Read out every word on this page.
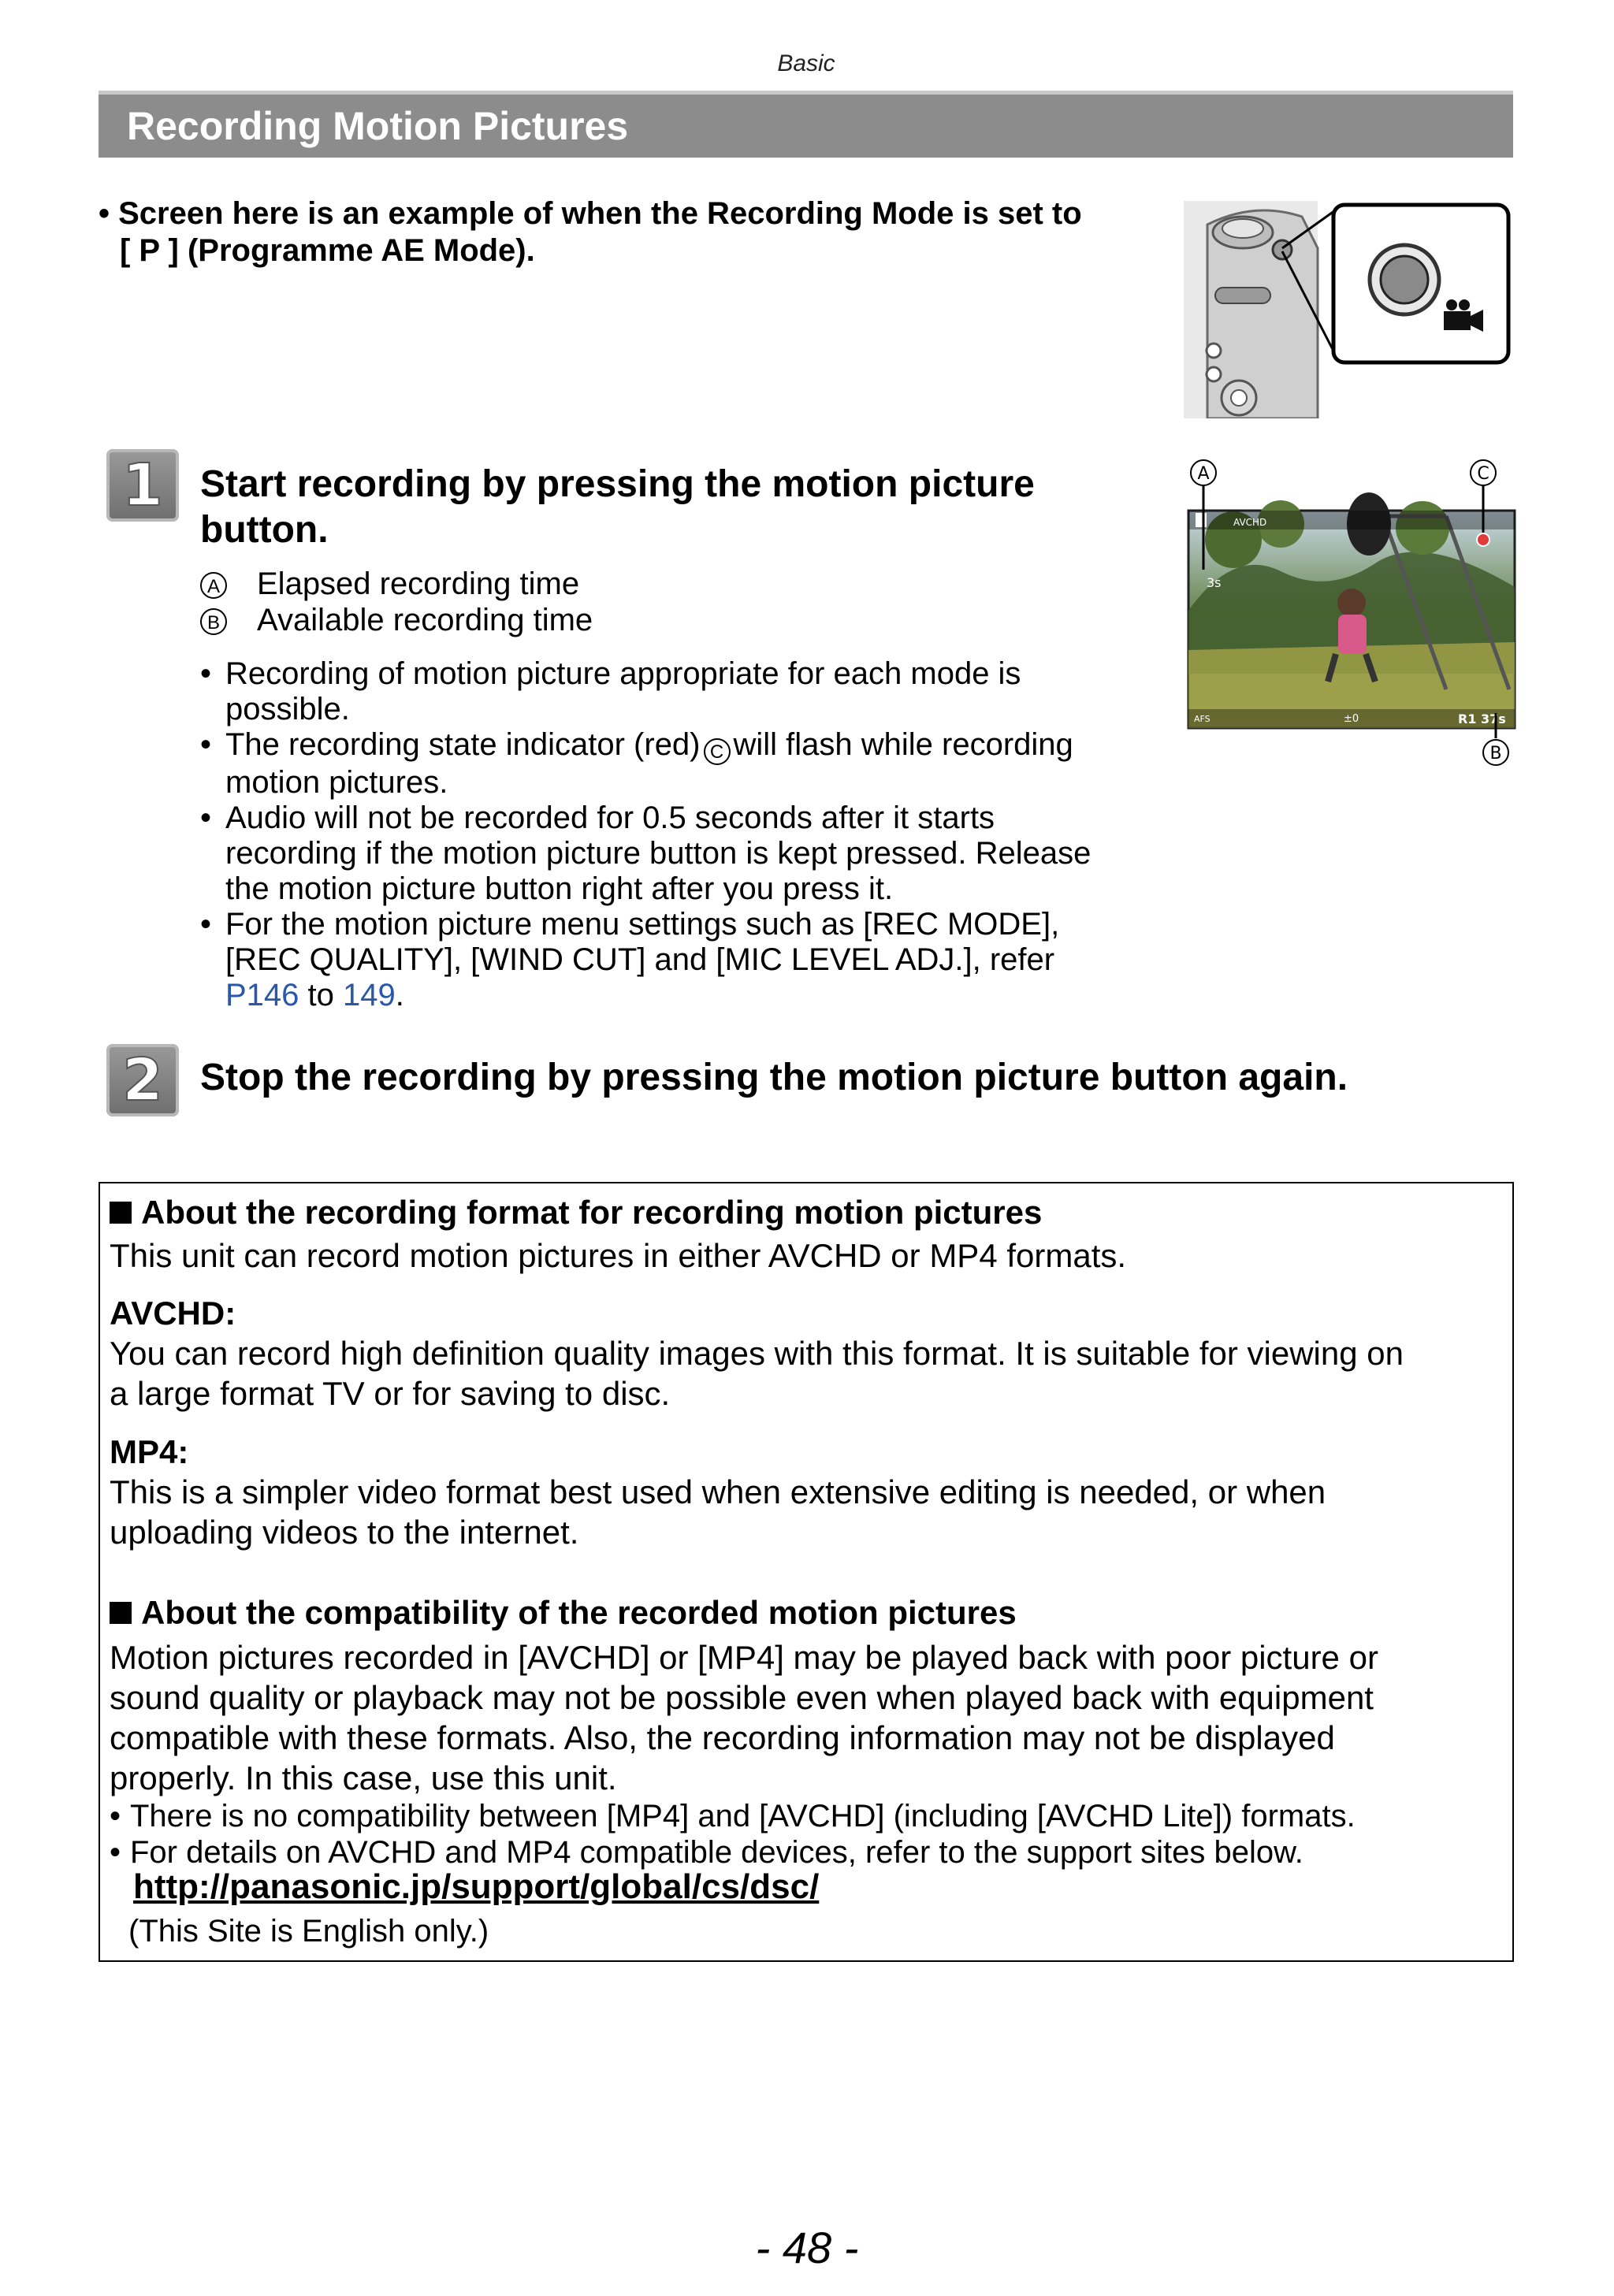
Basic
Recording Motion Pictures
• Screen here is an example of when the Recording Mode is set to
[ P ] (Programme AE Mode).
1 Start recording by pressing the motion picture
button.
A Elapsed recording time
B Available recording time
• Recording of motion picture appropriate for each mode is
possible.
• The recording state indicator (red) C will flash while recording
motion pictures.
• Audio will not be recorded for 0.5 seconds after it starts
recording if the motion picture button is kept pressed. Release
the motion picture button right after you press it.
• For the motion picture menu settings such as [REC MODE],
[REC QUALITY], [WIND CUT] and [MIC LEVEL ADJ.], refer
P146 to 149.
A	C
AVCHD
3s
AFS	±0	R1 37s
B
2 Stop the recording by pressing the motion picture button again.
About the recording format for recording motion pictures
This unit can record motion pictures in either AVCHD or MP4 formats.
AVCHD:
You can record high definition quality images with this format. It is suitable for viewing on
a large format TV or for saving to disc.
MP4:
This is a simpler video format best used when extensive editing is needed, or when
uploading videos to the internet.
About the compatibility of the recorded motion pictures
Motion pictures recorded in [AVCHD] or [MP4] may be played back with poor picture or
sound quality or playback may not be possible even when played back with equipment
compatible with these formats. Also, the recording information may not be displayed
properly. In this case, use this unit.
• There is no compatibility between [MP4] and [AVCHD] (including [AVCHD Lite]) formats.
• For details on AVCHD and MP4 compatible devices, refer to the support sites below.
http://panasonic.jp/support/global/cs/dsc/
(This Site is English only.)
- 48 -
